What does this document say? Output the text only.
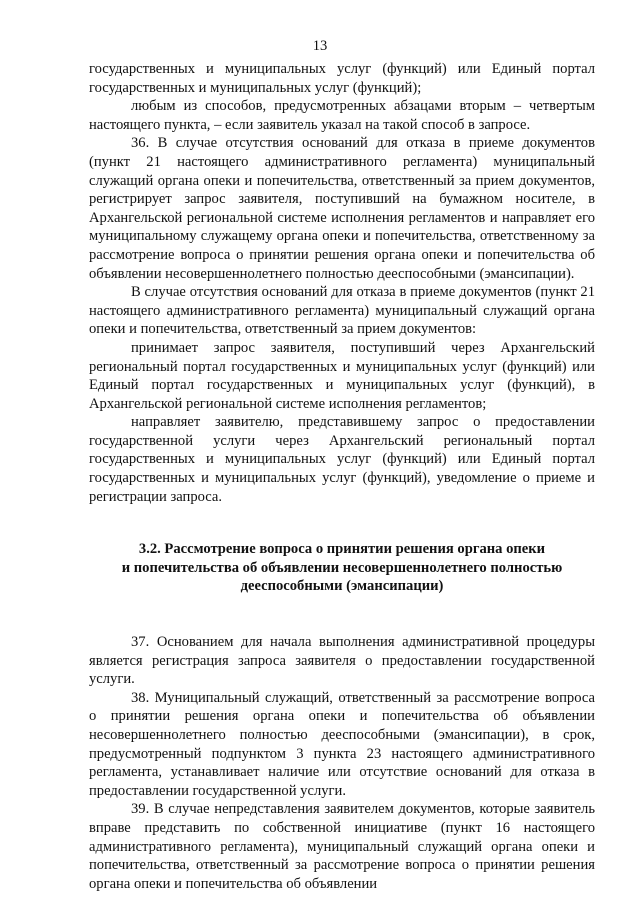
13

государственных и муниципальных услуг (функций) или Единый портал государственных и муниципальных услуг (функций);

любым из способов, предусмотренных абзацами вторым – четвертым настоящего пункта, – если заявитель указал на такой способ в запросе.

36. В случае отсутствия оснований для отказа в приеме документов (пункт 21 настоящего административного регламента) муниципальный служащий органа опеки и попечительства, ответственный за прием документов, регистрирует запрос заявителя, поступивший на бумажном носителе, в Архангельской региональной системе исполнения регламентов и направляет его муниципальному служащему органа опеки и попечительства, ответственному за рассмотрение вопроса о принятии решения органа опеки и попечительства об объявлении несовершеннолетнего полностью дееспособными (эмансипации).

В случае отсутствия оснований для отказа в приеме документов (пункт 21 настоящего административного регламента) муниципальный служащий органа опеки и попечительства, ответственный за прием документов:

принимает запрос заявителя, поступивший через Архангельский региональный портал государственных и муниципальных услуг (функций) или Единый портал государственных и муниципальных услуг (функций), в Архангельской региональной системе исполнения регламентов;

направляет заявителю, представившему запрос о предоставлении государственной услуги через Архангельский региональный портал государственных и муниципальных услуг (функций) или Единый портал государственных и муниципальных услуг (функций), уведомление о приеме и регистрации запроса.

3.2. Рассмотрение вопроса о принятии решения органа опеки
и попечительства об объявлении несовершеннолетнего полностью
дееспособными (эмансипации)

37. Основанием для начала выполнения административной процедуры является регистрация запроса заявителя о предоставлении государственной услуги.

38. Муниципальный служащий, ответственный за рассмотрение вопроса о принятии решения органа опеки и попечительства об объявлении несовершеннолетнего полностью дееспособными (эмансипации), в срок, предусмотренный подпунктом 3 пункта 23 настоящего административного регламента, устанавливает наличие или отсутствие оснований для отказа в предоставлении государственной услуги.

39. В случае непредставления заявителем документов, которые заявитель вправе представить по собственной инициативе (пункт 16 настоящего административного регламента), муниципальный служащий органа опеки и попечительства, ответственный за рассмотрение вопроса о принятии решения органа опеки и попечительства об объявлении
